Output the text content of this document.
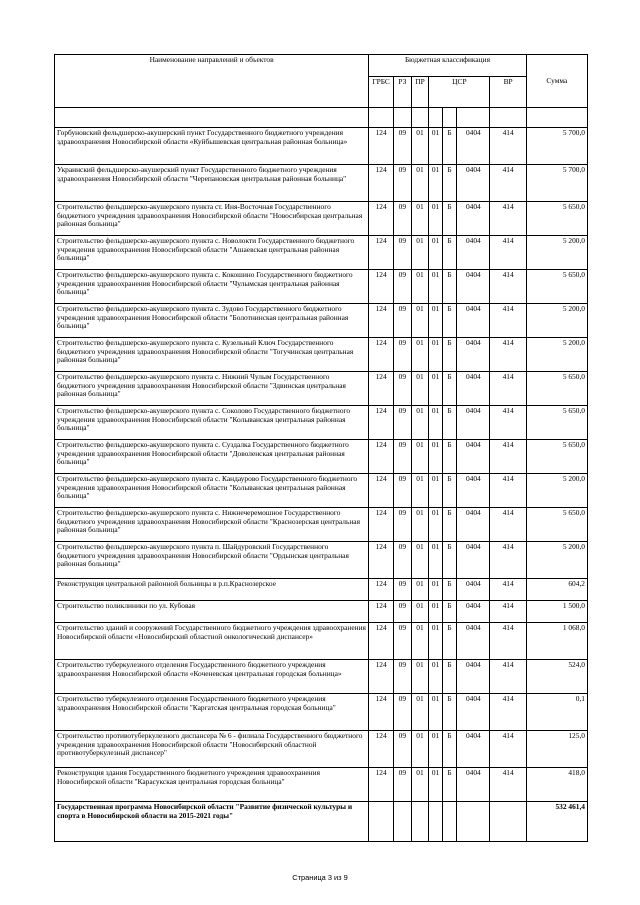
Наименование направлений и объектов	Бюджетная классификация							Сумма
	ГРБС	РЗ	ПР	ЦСР			ВР	

Горбуновский фельдшерско-акушерский пункт Государственного бюджетного учреждения здравоохранения Новосибирской области «Куйбышевская центральная районная больница»	124	09	01	01	Б	0404	414	5 700,0
Украинский фельдшерско-акушерский пункт Государственного бюджетного учреждения здравоохранения Новосибирской области "Черепановская центральная районная больница"	124	09	01	01	Б	0404	414	5 700,0
Строительство фельдшерско-акушерского пункта ст. Иня-Восточная Государственного бюджетного учреждения здравоохранения Новосибирской области "Новосибирская центральная районная больница"	124	09	01	01	Б	0404	414	5 650,0
Строительство фельдшерско-акушерского пункта с. Новолокти Государственного бюджетного учреждения здравоохранения Новосибирской области "Ашаевская центральная районная больница"	124	09	01	01	Б	0404	414	5 200,0
Строительство фельдшерско-акушерского пункта с. Кокошино Государственного бюджетного учреждения здравоохранения Новосибирской области "Чулымская центральная районная больница"	124	09	01	01	Б	0404	414	5 650,0
Строительство фельдшерско-акушерского пункта с. Зудово Государственного бюджетного учреждения здравоохранения Новосибирской области "Болотнинская центральная районная больница"	124	09	01	01	Б	0404	414	5 200,0
Строительство фельдшерско-акушерского пункта с. Кузельный Ключ Государственного бюджетного учреждения здравоохранения Новосибирской области "Тогучинская центральная районная больница"	124	09	01	01	Б	0404	414	5 200,0
Строительство фельдшерско-акушерского пункта с. Нижний Чулым Государственного бюджетного учреждения здравоохранения Новосибирской области "Здвинская центральная районная больница"	124	09	01	01	Б	0404	414	5 650,0
Строительство фельдшерско-акушерского пункта с. Соколово Государственного бюджетного учреждения здравоохранения Новосибирской области "Колыванская центральная районная больница"	124	09	01	01	Б	0404	414	5 650,0
Строительство фельдшерско-акушерского пункта с. Суздалка Государственного бюджетного учреждения здравоохранения Новосибирской области "Доволенская центральная районная больница"	124	09	01	01	Б	0404	414	5 650,0
Строительство фельдшерско-акушерского пункта с. Кандаурово Государственного бюджетного учреждения здравоохранения Новосибирской области "Колыванская центральная районная больница"	124	09	01	01	Б	0404	414	5 200,0
Строительство фельдшерско-акушерского пункта с. Нижнечеремошное Государственного бюджетного учреждения здравоохранения Новосибирской области "Краснозерская центральная районная больница"	124	09	01	01	Б	0404	414	5 650,0
Строительство фельдшерско-акушерского пункта п. Шайдуровский Государственного бюджетного учреждения здравоохранения Новосибирской области "Ордынская центральная районная больница"	124	09	01	01	Б	0404	414	5 200,0
Реконструкция центральной районной больницы в р.п.Краснозерское	124	09	01	01	Б	0404	414	604,2
Строительство поликлиники по ул. Кубовая	124	09	01	01	Б	0404	414	1 500,0
Строительство зданий и сооружений Государственного бюджетного учреждения здравоохранения Новосибирской области «Новосибирский областной онкологический диспансер»	124	09	01	01	Б	0404	414	1 068,0
Строительство туберкулезного отделения Государственного бюджетного учреждения здравоохранения Новосибирской области «Коченевская центральная городская больница»	124	09	01	01	Б	0404	414	524,0
Строительство туберкулезного отделения Государственного бюджетного учреждения здравоохранения Новосибирской области "Каргатская центральная городская больница"	124	09	01	01	Б	0404	414	0,1
Строительство противотуберкулезного диспансера № 6 - филиала Государственного бюджетного учреждения здравоохранения Новосибирской области "Новосибирский областной противотуберкулезный диспансер"	124	09	01	01	Б	0404	414	125,0
Реконструкция здания Государственного бюджетного учреждения здравоохранения Новосибирской области "Карасукская центральная городская больница"	124	09	01	01	Б	0404	414	418,0
Государственная программа Новосибирской области "Развитие физической культуры и спорта в Новосибирской области на 2015-2021 годы"								532 461,4
Страница 3 из 9
